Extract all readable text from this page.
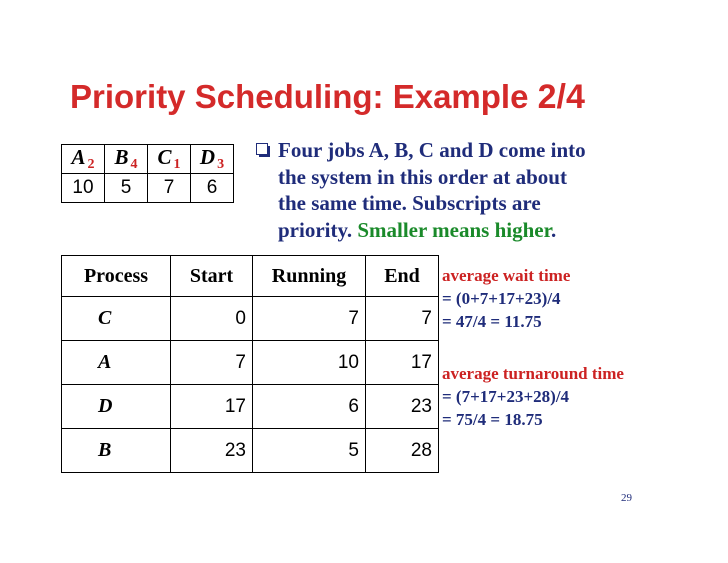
Priority Scheduling: Example 2/4
A $_2$	B $_4$	C $_1$	D $_3$
10	5	7	6

Four jobs A, B, C and D come into

the system in this order at about

the same time. Subscripts are

priority. Smaller means higher.

Process	Start	Running	End
C	0	7	7
A	7	10	17
D	17	6	23
B	23	5	28
average wait time
= (0+7+17+23)/4
= 47/4 = 11.75
average turnaround time
= (7+17+23+28)/4
= 75/4 = 18.75
29
